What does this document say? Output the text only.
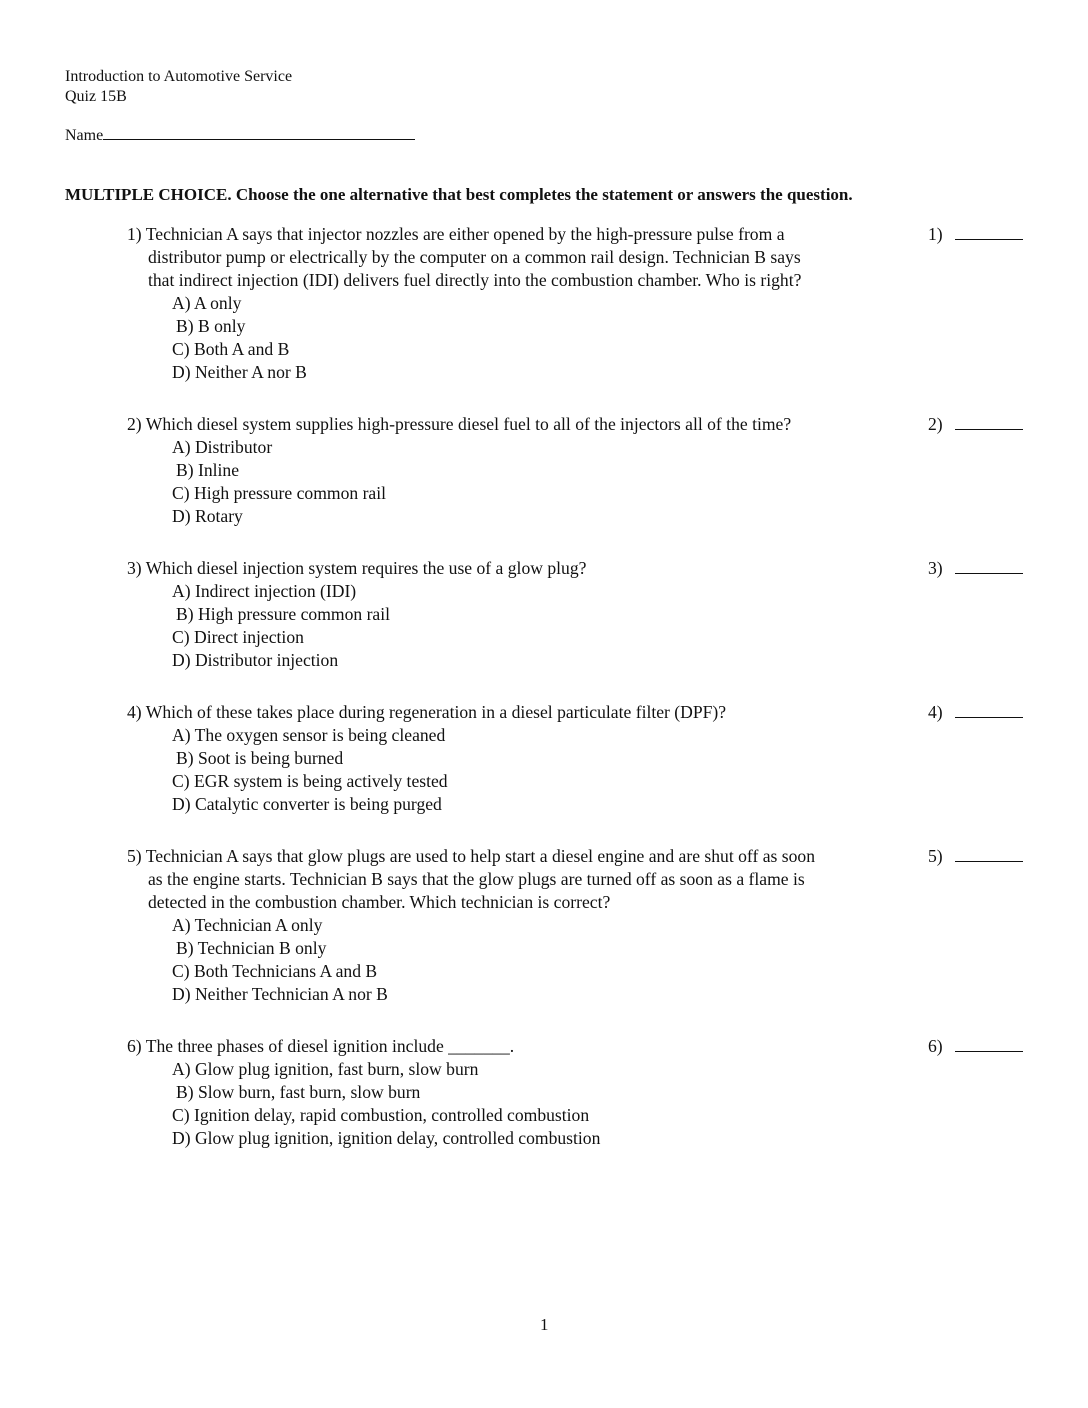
Introduction to Automotive Service
Quiz 15B
Name
MULTIPLE CHOICE. Choose the one alternative that best completes the statement or answers the question.
1) Technician A says that injector nozzles are either opened by the high-pressure pulse from a
distributor pump or electrically by the computer on a common rail design. Technician B says
that indirect injection (IDI) delivers fuel directly into the combustion chamber. Who is right?
A) A only
B) B only
C) Both A and B
D) Neither A nor B
1)
2) Which diesel system supplies high-pressure diesel fuel to all of the injectors all of the time?
A) Distributor
B) Inline
C) High pressure common rail
D) Rotary
2)
3) Which diesel injection system requires the use of a glow plug?
A) Indirect injection (IDI)
B) High pressure common rail
C) Direct injection
D) Distributor injection
3)
4) Which of these takes place during regeneration in a diesel particulate filter (DPF)?
A) The oxygen sensor is being cleaned
B) Soot is being burned
C) EGR system is being actively tested
D) Catalytic converter is being purged
4)
5) Technician A says that glow plugs are used to help start a diesel engine and are shut off as soon
as the engine starts. Technician B says that the glow plugs are turned off as soon as a flame is
detected in the combustion chamber. Which technician is correct?
A) Technician A only
B) Technician B only
C) Both Technicians A and B
D) Neither Technician A nor B
5)
6) The three phases of diesel ignition include _______.
A) Glow plug ignition, fast burn, slow burn
B) Slow burn, fast burn, slow burn
C) Ignition delay, rapid combustion, controlled combustion
D) Glow plug ignition, ignition delay, controlled combustion
6)
1
